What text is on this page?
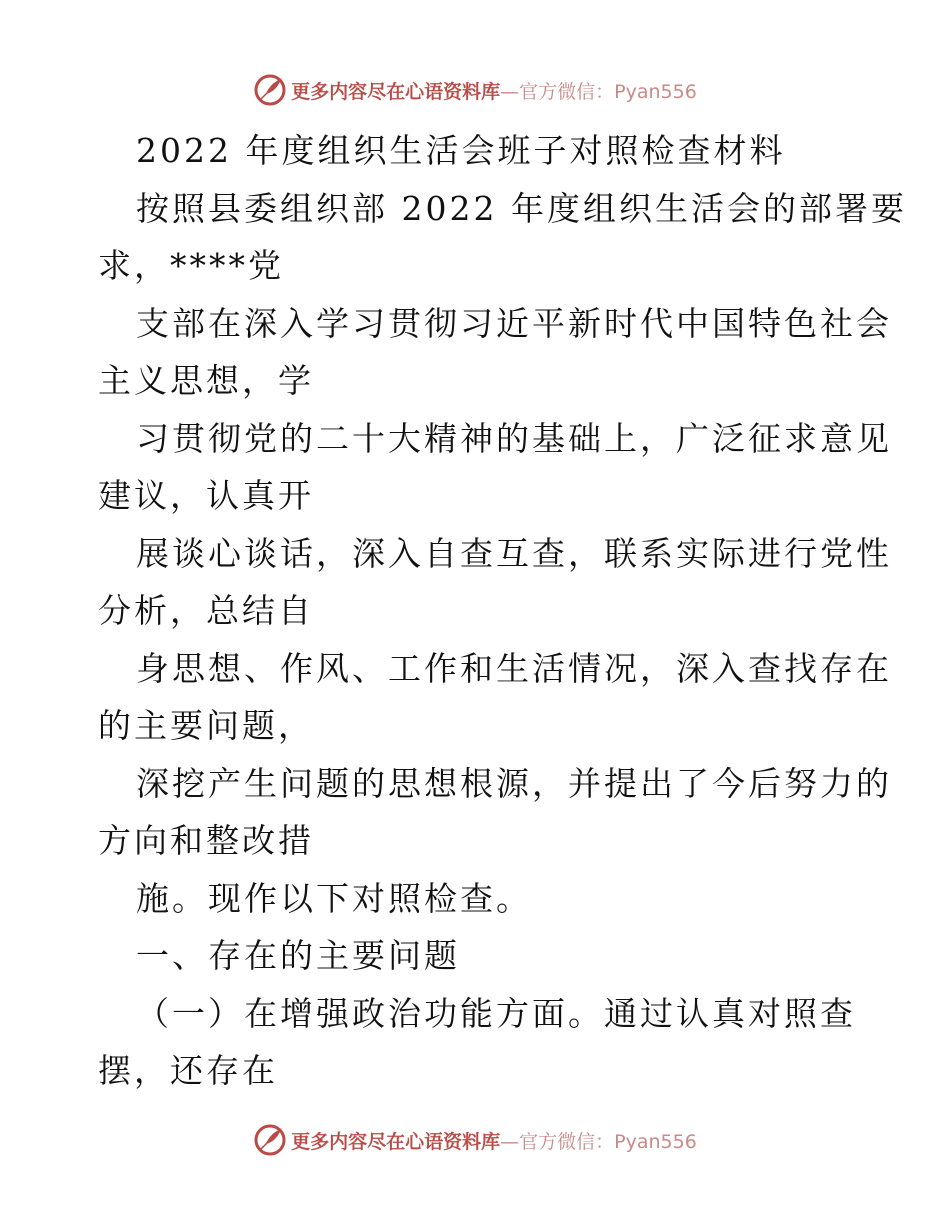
更多内容尽在心语资料库—官方微信：Pyan556
2022 年度组织生活会班子对照检查材料
按照县委组织部 2022 年度组织生活会的部署要
求，****党
支部在深入学习贯彻习近平新时代中国特色社会
主义思想，学
习贯彻党的二十大精神的基础上，广泛征求意见
建议，认真开
展谈心谈话，深入自查互查，联系实际进行党性
分析，总结自
身思想、作风、工作和生活情况，深入查找存在
的主要问题，
深挖产生问题的思想根源，并提出了今后努力的
方向和整改措
施。现作以下对照检查。
一、存在的主要问题
（一）在增强政治功能方面。通过认真对照查
摆，还存在
更多内容尽在心语资料库—官方微信：Pyan556
